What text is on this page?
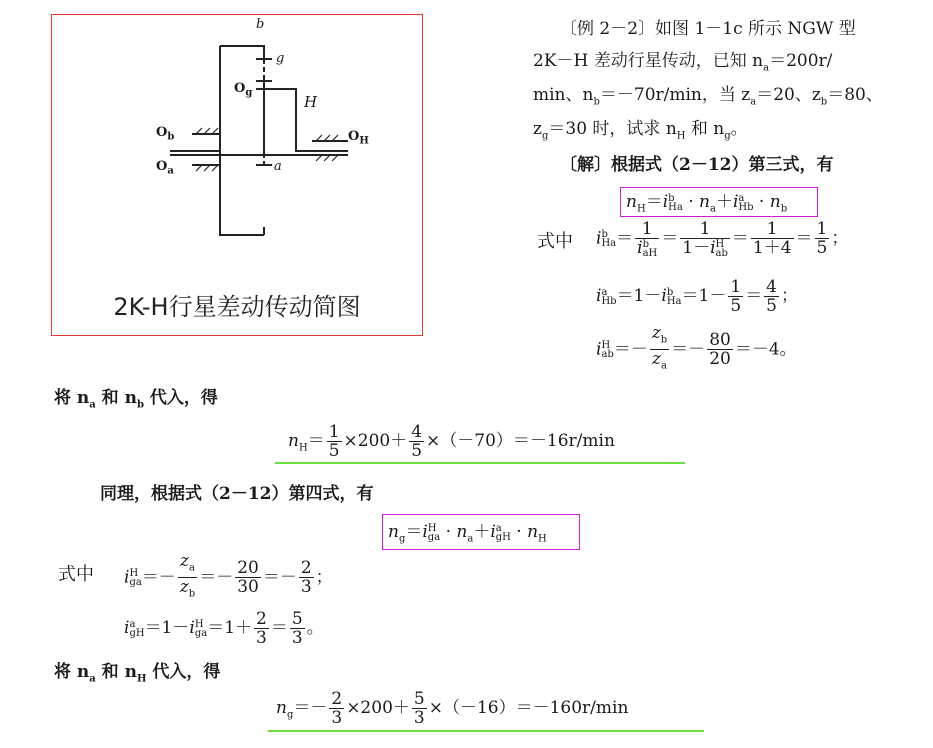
b
g
$O_g$	H
$O_b$
$O_a$
$O_H$
a
2K-H行星差动传动简图
〔例 2－2〕如图 1－1c 所示 NGW 型
2K－H 差动行星传动，已知 $n_a=200r/$
min、$n_b=-70r/\min$，当 $z_a=20$、$z_b=80$、
$z_g=30$ 时，试求 $n_H$ 和 $n_g$。
〔解〕根据式（2－12）第三式，有
$n_H=i$ b
$Ha \cdot n_a+i$ a
$Hb \cdot n_b$
式中 i b
Ha ＝ 1
i b
aH ＝ 1
1－i H
ab ＝ $\frac{1}{1+4} = \frac{1}{5}$ ；
i a
Hb ＝1－i b
$Ha =1- \frac{1}{5} = \frac{4}{5}$ ；
i H
ab ＝－ $\frac{z_b}{z_a} =- \frac{80}{20} =-4$。
将 $n_a$ 和 $n_b$ 代入，得
$n_H= \frac{1}{5} \times 200+ \frac{4}{5} \times(-70)=-16r/\min$
同理，根据式（2－12）第四式，有
$n_g=i$ H
ga · $n_a+i$ a
gH · $n_H$
式中 i H
ga ＝－ $\frac{z_a}{z_b} =- \frac{20}{30} =- \frac{2}{3}$ ；
i a
gH ＝1－i H
ga $=1+ \frac{2}{3} = \frac{5}{3}$ 。
将 $n_a$ 和 $n_H$ 代入，得
$n_g=- \frac{2}{3} \times 200+ \frac{5}{3} \times(-16)=-160r/\min$
